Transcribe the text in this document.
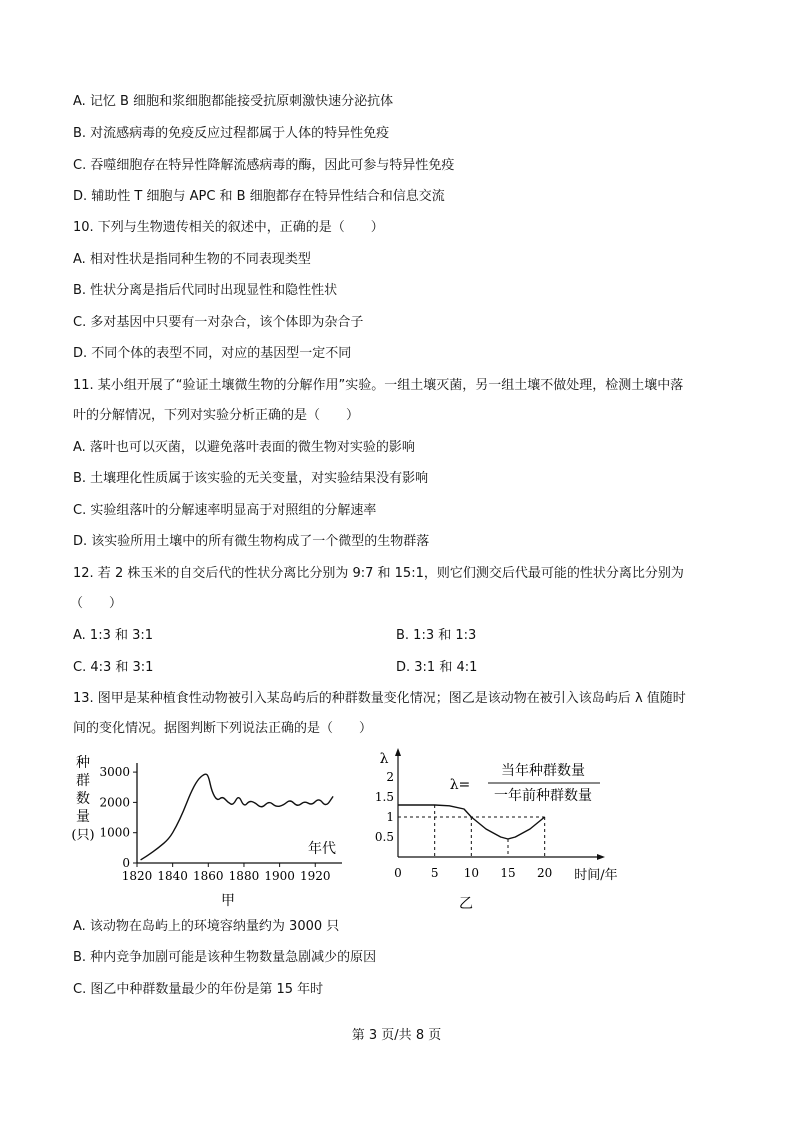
A. 记忆 B 细胞和浆细胞都能接受抗原刺激快速分泌抗体
B. 对流感病毒的免疫反应过程都属于人体的特异性免疫
C. 吞噬细胞存在特异性降解流感病毒的酶，因此可参与特异性免疫
D. 辅助性 T 细胞与 APC 和 B 细胞都存在特异性结合和信息交流
10. 下列与生物遗传相关的叙述中，正确的是（　　）
A. 相对性状是指同种生物的不同表现类型
B. 性状分离是指后代同时出现显性和隐性性状
C. 多对基因中只要有一对杂合，该个体即为杂合子
D. 不同个体的表型不同，对应的基因型一定不同
11. 某小组开展了“验证土壤微生物的分解作用”实验。一组土壤灭菌，另一组土壤不做处理，检测土壤中落
叶的分解情况，下列对实验分析正确的是（　　）
A. 落叶也可以灭菌，以避免落叶表面的微生物对实验的影响
B. 土壤理化性质属于该实验的无关变量，对实验结果没有影响
C. 实验组落叶的分解速率明显高于对照组的分解速率
D. 该实验所用土壤中的所有微生物构成了一个微型的生物群落
12. 若 2 株玉米的自交后代的性状分离比分别为 9:7 和 15:1，则它们测交后代最可能的性状分离比分别为
（　　）
A. 1:3 和 3:1	B. 1:3 和 1:3
C. 4:3 和 3:1	D. 3:1 和 4:1
13. 图甲是某种植食性动物被引入某岛屿后的种群数量变化情况；图乙是该动物在被引入该岛屿后 λ 值随时
间的变化情况。据图判断下列说法正确的是（　　）
种
群
数
量
(只)
年代
甲
0
1000
2000
3000
1820 1840 1860 1880 1900 1920
λ
λ=
当年种群数量
一年前种群数量
时间/年
乙
0.5
1
1.5
2
0 5 10 15 20
A. 该动物在岛屿上的环境容纳量约为 3000 只
B. 种内竞争加剧可能是该种生物数量急剧减少的原因
C. 图乙中种群数量最少的年份是第 15 年时
第 3 页/共 8 页
